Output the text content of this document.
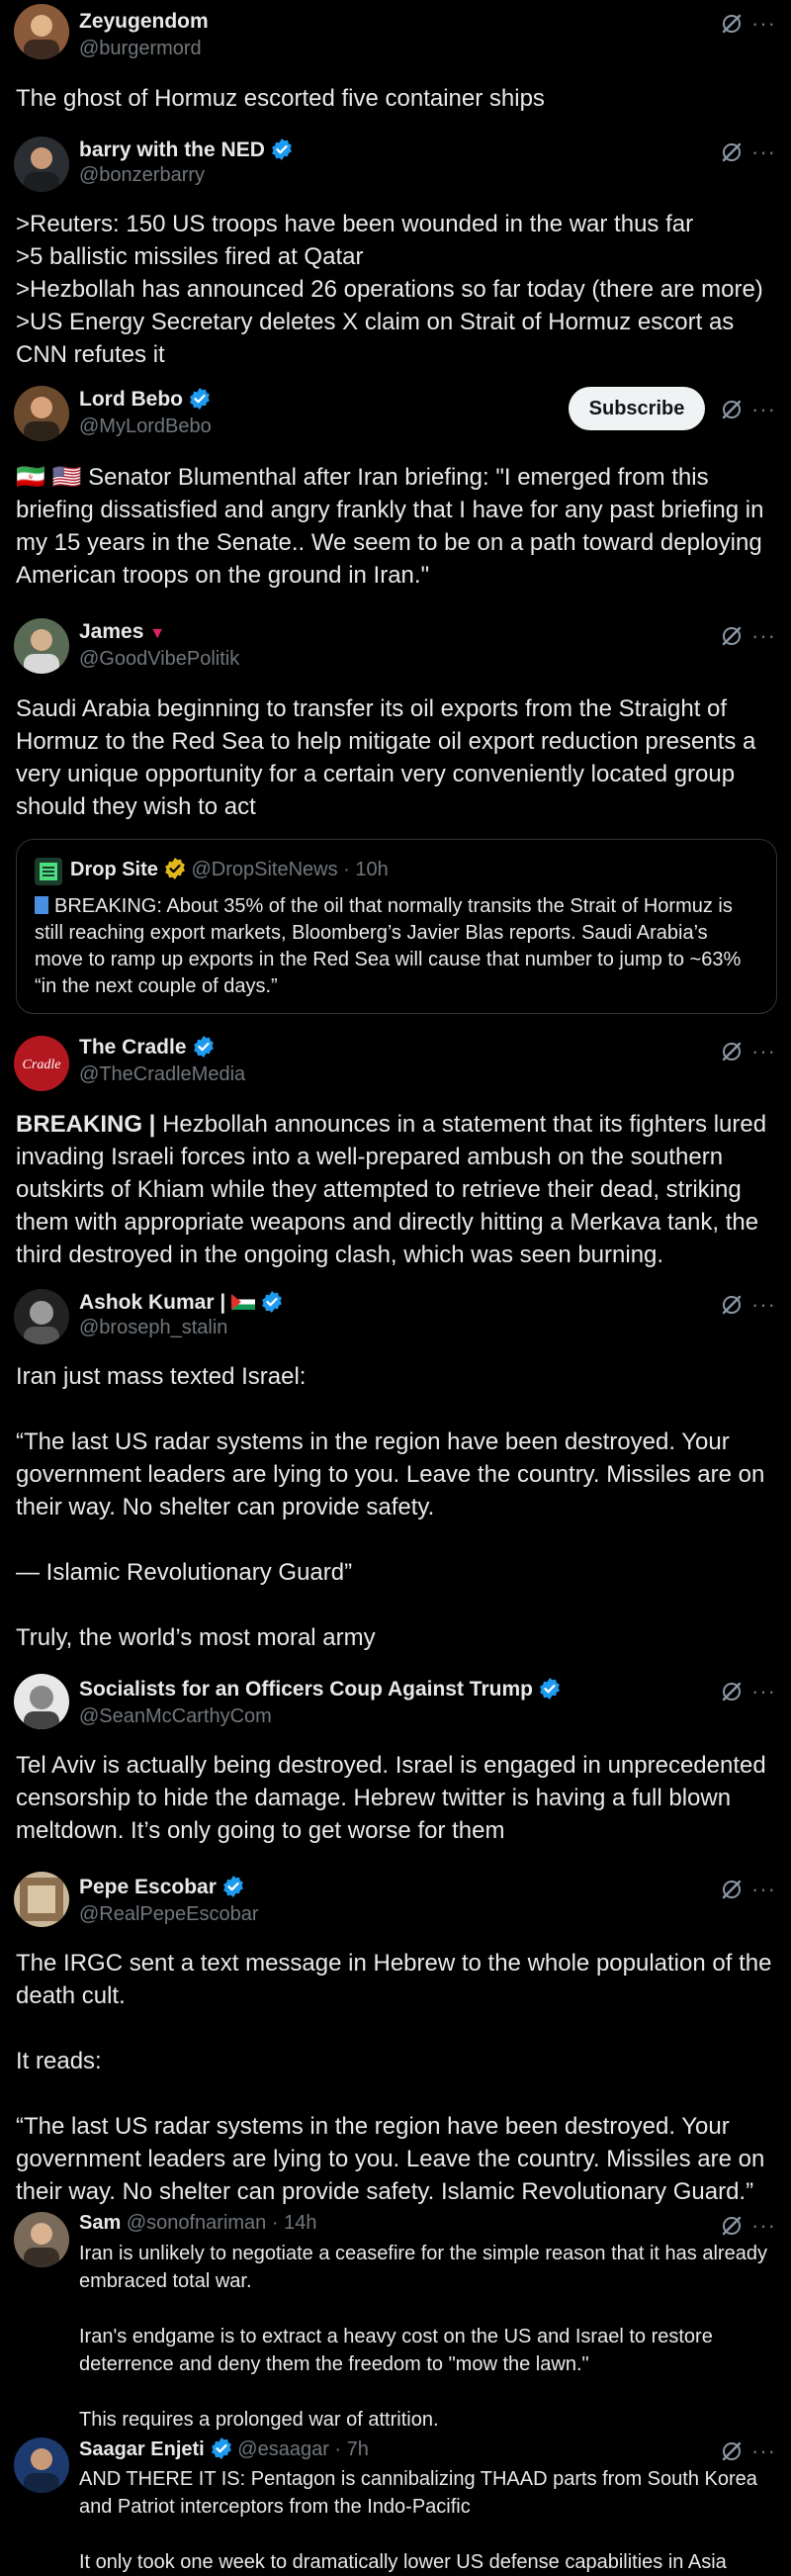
Zeyugendom
@burgermord
···

The ghost of Hormuz escorted five container ships

barry with the NED
@bonzerbarry
···

>Reuters: 150 US troops have been wounded in the war thus far

>5 ballistic missiles fired at Qatar

>Hezbollah has announced 26 operations so far today (there are more)

>US Energy Secretary deletes X claim on Strait of Hormuz escort as CNN refutes it

Lord Bebo
@MyLordBebo
Subscribe	···

🇮🇷 🇺🇸 Senator Blumenthal after Iran briefing: "I emerged from this briefing dissatisfied and angry frankly that I have for any past briefing in my 15 years in the Senate.. We seem to be on a path toward deploying American troops on the ground in Iran."

James ▼
@GoodVibePolitik
···

Saudi Arabia beginning to transfer its oil exports from the Straight of Hormuz to the Red Sea to help mitigate oil export reduction presents a very unique opportunity for a certain very conveniently located group should they wish to act

Drop Site @DropSiteNews · 10h
BREAKING: About 35% of the oil that normally transits the Strait of Hormuz is still reaching export markets, Bloomberg’s Javier Blas reports. Saudi Arabia’s move to ramp up exports in the Red Sea will cause that number to jump to ~63% “in the next couple of days.”
Cradle
The Cradle
@TheCradleMedia
···

BREAKING | Hezbollah announces in a statement that its fighters lured invading Israeli forces into a well-prepared ambush on the southern outskirts of Khiam while they attempted to retrieve their dead, striking them with appropriate weapons and directly hitting a Merkava tank, the third destroyed in the ongoing clash, which was seen burning.

Ashok Kumar |
@broseph_stalin
···

Iran just mass texted Israel:

“The last US radar systems in the region have been destroyed. Your government leaders are lying to you. Leave the country. Missiles are on their way. No shelter can provide safety.

— Islamic Revolutionary Guard”

Truly, the world’s most moral army

Socialists for an Officers Coup Against Trump
@SeanMcCarthyCom
···

Tel Aviv is actually being destroyed. Israel is engaged in unprecedented censorship to hide the damage. Hebrew twitter is having a full blown meltdown. It’s only going to get worse for them

Pepe Escobar
@RealPepeEscobar
···

The IRGC sent a text message in Hebrew to the whole population of the death cult.

It reads:

“The last US radar systems in the region have been destroyed. Your government leaders are lying to you. Leave the country. Missiles are on their way. No shelter can provide safety. Islamic Revolutionary Guard.”

Sam @sonofnariman · 14h	···

Iran is unlikely to negotiate a ceasefire for the simple reason that it has already embraced total war.

Iran's endgame is to extract a heavy cost on the US and Israel to restore deterrence and deny them the freedom to "mow the lawn."

This requires a prolonged war of attrition.

Saagar Enjeti @esaagar · 7h	···

AND THERE IT IS: Pentagon is cannibalizing THAAD parts from South Korea and Patriot interceptors from the Indo-Pacific

It only took one week to dramatically lower US defense capabilities in Asia
